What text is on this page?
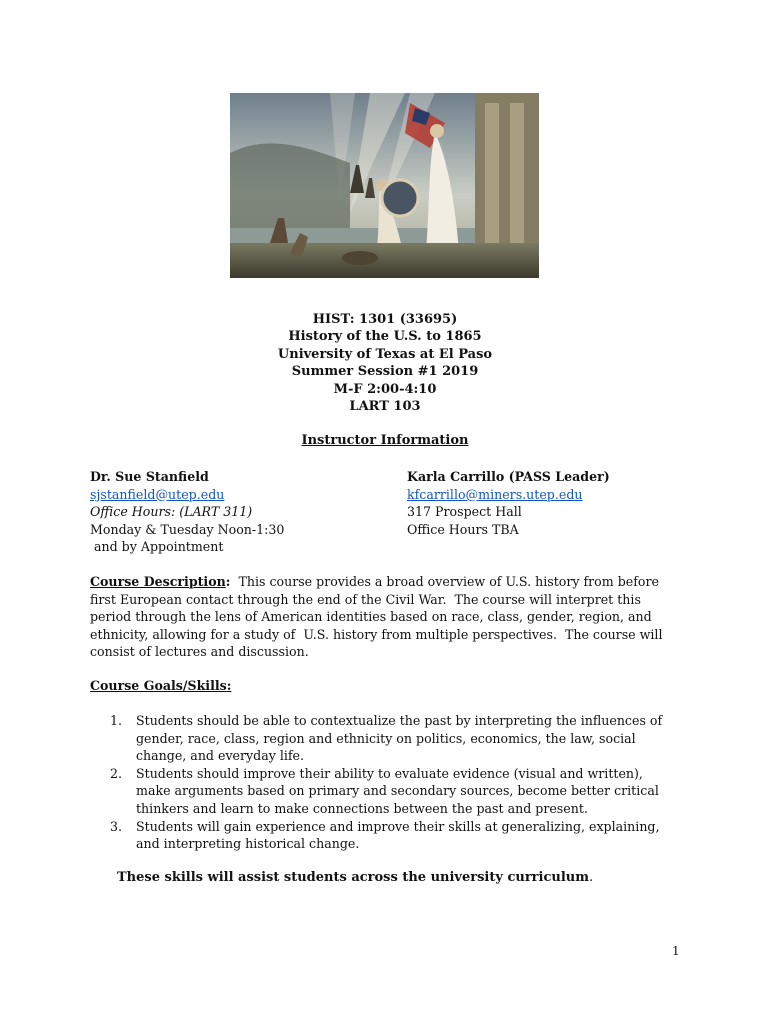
HIST: 1301 (33695)
History of the U.S. to 1865
University of Texas at El Paso
Summer Session #1 2019
M-F 2:00-4:10
LART 103
Instructor Information
Dr. Sue Stanfield
sjstanfield@utep.edu
Office Hours: (LART 311)
Monday & Tuesday Noon-1:30
and by Appointment
Karla Carrillo (PASS Leader)
kfcarrillo@miners.utep.edu
317 Prospect Hall
Office Hours TBA
Course Description:  This course provides a broad overview of U.S. history from before first European contact through the end of the Civil War.  The course will interpret this period through the lens of American identities based on race, class, gender, region, and ethnicity, allowing for a study of  U.S. history from multiple perspectives.  The course will consist of lectures and discussion.
Course Goals/Skills:
1. Students should be able to contextualize the past by interpreting the influences of gender, race, class, region and ethnicity on politics, economics, the law, social change, and everyday life.
2. Students should improve their ability to evaluate evidence (visual and written), make arguments based on primary and secondary sources, become better critical thinkers and learn to make connections between the past and present.
3. Students will gain experience and improve their skills at generalizing, explaining, and interpreting historical change.
These skills will assist students across the university curriculum.
1
